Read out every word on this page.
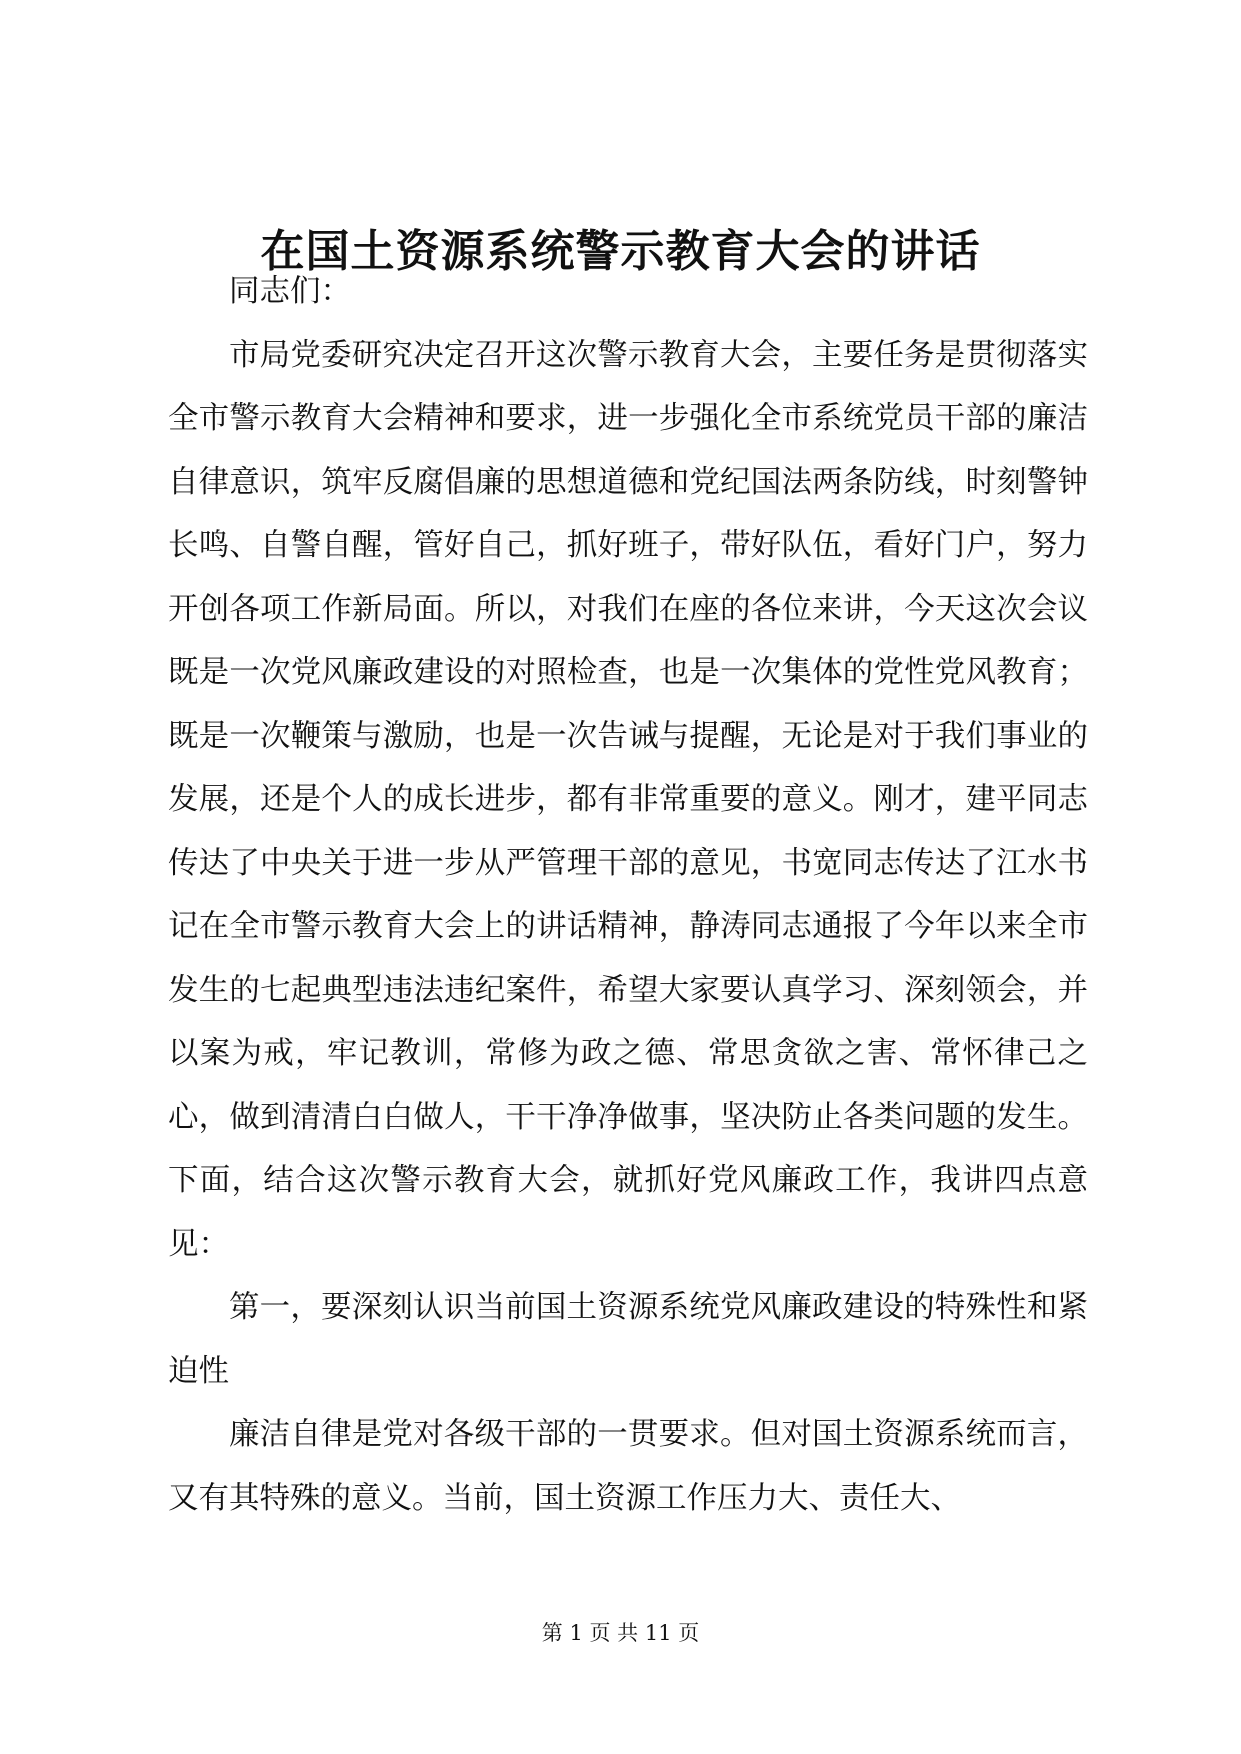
在国土资源系统警示教育大会的讲话

同志们：

市局党委研究决定召开这次警示教育大会，主要任务是贯彻落实全市警示教育大会精神和要求，进一步强化全市系统党员干部的廉洁自律意识，筑牢反腐倡廉的思想道德和党纪国法两条防线，时刻警钟长鸣、自警自醒，管好自己，抓好班子，带好队伍，看好门户，努力开创各项工作新局面。所以，对我们在座的各位来讲，今天这次会议既是一次党风廉政建设的对照检查，也是一次集体的党性党风教育；既是一次鞭策与激励，也是一次告诫与提醒，无论是对于我们事业的发展，还是个人的成长进步，都有非常重要的意义。刚才，建平同志传达了中央关于进一步从严管理干部的意见，书宽同志传达了江水书记在全市警示教育大会上的讲话精神，静涛同志通报了今年以来全市发生的七起典型违法违纪案件，希望大家要认真学习、深刻领会，并以案为戒，牢记教训，常修为政之德、常思贪欲之害、常怀律己之心，做到清清白白做人，干干净净做事，坚决防止各类问题的发生。下面，结合这次警示教育大会，就抓好党风廉政工作，我讲四点意见：

第一，要深刻认识当前国土资源系统党风廉政建设的特殊性和紧迫性

廉洁自律是党对各级干部的一贯要求。但对国土资源系统而言，又有其特殊的意义。当前，国土资源工作压力大、责任大、

第 1 页 共 11 页
